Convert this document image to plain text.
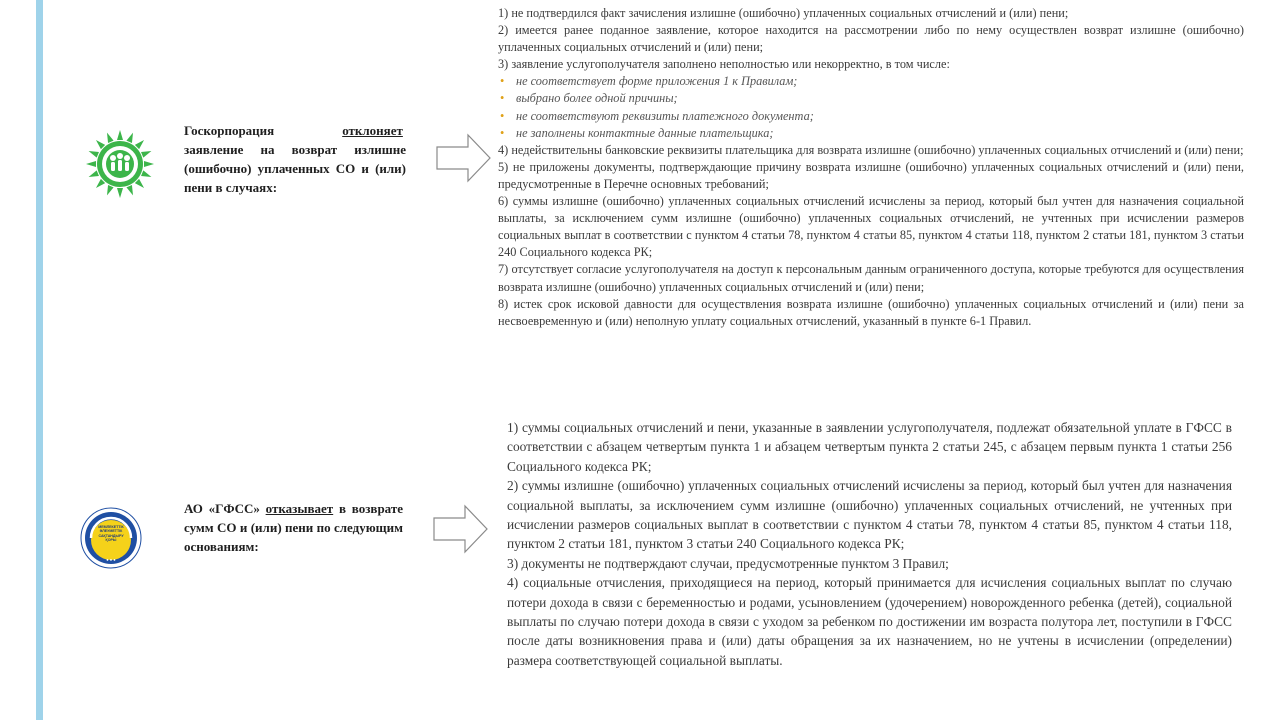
Госкорпорация	отклоняет заявление на возврат излишне (ошибочно) уплаченных СО и (или) пени в случаях:

1) не подтвердился факт зачисления излишне (ошибочно) уплаченных социальных отчислений и (или) пени;

2) имеется ранее поданное заявление, которое находится на рассмотрении либо по нему осуществлен возврат излишне (ошибочно) уплаченных социальных отчислений и (или) пени;

3) заявление услугополучателя заполнено неполностью или некорректно, в том числе:

• не соответствует форме приложения 1 к Правилам;

• выбрано более одной причины;

• не соответствуют реквизиты платежного документа;

• не заполнены контактные данные плательщика;

4) недействительны банковские реквизиты плательщика для возврата излишне (ошибочно) уплаченных социальных отчислений и (или) пени;

5) не приложены документы, подтверждающие причину возврата излишне (ошибочно) уплаченных социальных отчислений и (или) пени, предусмотренные в Перечне основных требований;

6) суммы излишне (ошибочно) уплаченных социальных отчислений исчислены за период, который был учтен для назначения социальной выплаты, за исключением сумм излишне (ошибочно) уплаченных социальных отчислений, не учтенных при исчислении размеров социальных выплат в соответствии с пунктом 4 статьи 78, пунктом 4 статьи 85, пунктом 4 статьи 118, пунктом 2 статьи 181, пунктом 3 статьи 240 Социального кодекса РК;

7) отсутствует согласие услугополучателя на доступ к персональным данным ограниченного доступа, которые требуются для осуществления возврата излишне (ошибочно) уплаченных социальных отчислений и (или) пени;

8) истек срок исковой давности для осуществления возврата излишне (ошибочно) уплаченных социальных отчислений и (или) пени за несвоевременную и (или) неполную уплату социальных отчислений, указанный в пункте 6-1 Правил.

● ● ●
МЕМЛЕКЕТТІК ӘЛЕУМЕТТІК САҚТАНДЫРУ ҚОРЫ
АО «ГФСС» отказывает в возврате сумм СО и (или) пени по следующим основаниям:

1) суммы социальных отчислений и пени, указанные в заявлении услугополучателя, подлежат обязательной уплате в ГФСС в соответствии с абзацем четвертым пункта 1 и абзацем четвертым пункта 2 статьи 245, с абзацем первым пункта 1 статьи 256 Социального кодекса РК;

2) суммы излишне (ошибочно) уплаченных социальных отчислений исчислены за период, который был учтен для назначения социальной выплаты, за исключением сумм излишне (ошибочно) уплаченных социальных отчислений, не учтенных при исчислении размеров социальных выплат в соответствии с пунктом 4 статьи 78, пунктом 4 статьи 85, пунктом 4 статьи 118, пунктом 2 статьи 181, пунктом 3 статьи 240 Социального кодекса РК;

3) документы не подтверждают случаи, предусмотренные пунктом 3 Правил;

4) социальные отчисления, приходящиеся на период, который принимается для исчисления социальных выплат по случаю потери дохода в связи с беременностью и родами, усыновлением (удочерением) новорожденного ребенка (детей), социальной выплаты по случаю потери дохода в связи с уходом за ребенком по достижении им возраста полутора лет, поступили в ГФСС после даты возникновения права и (или) даты обращения за их назначением, но не учтены в исчислении (определении) размера соответствующей социальной выплаты.
